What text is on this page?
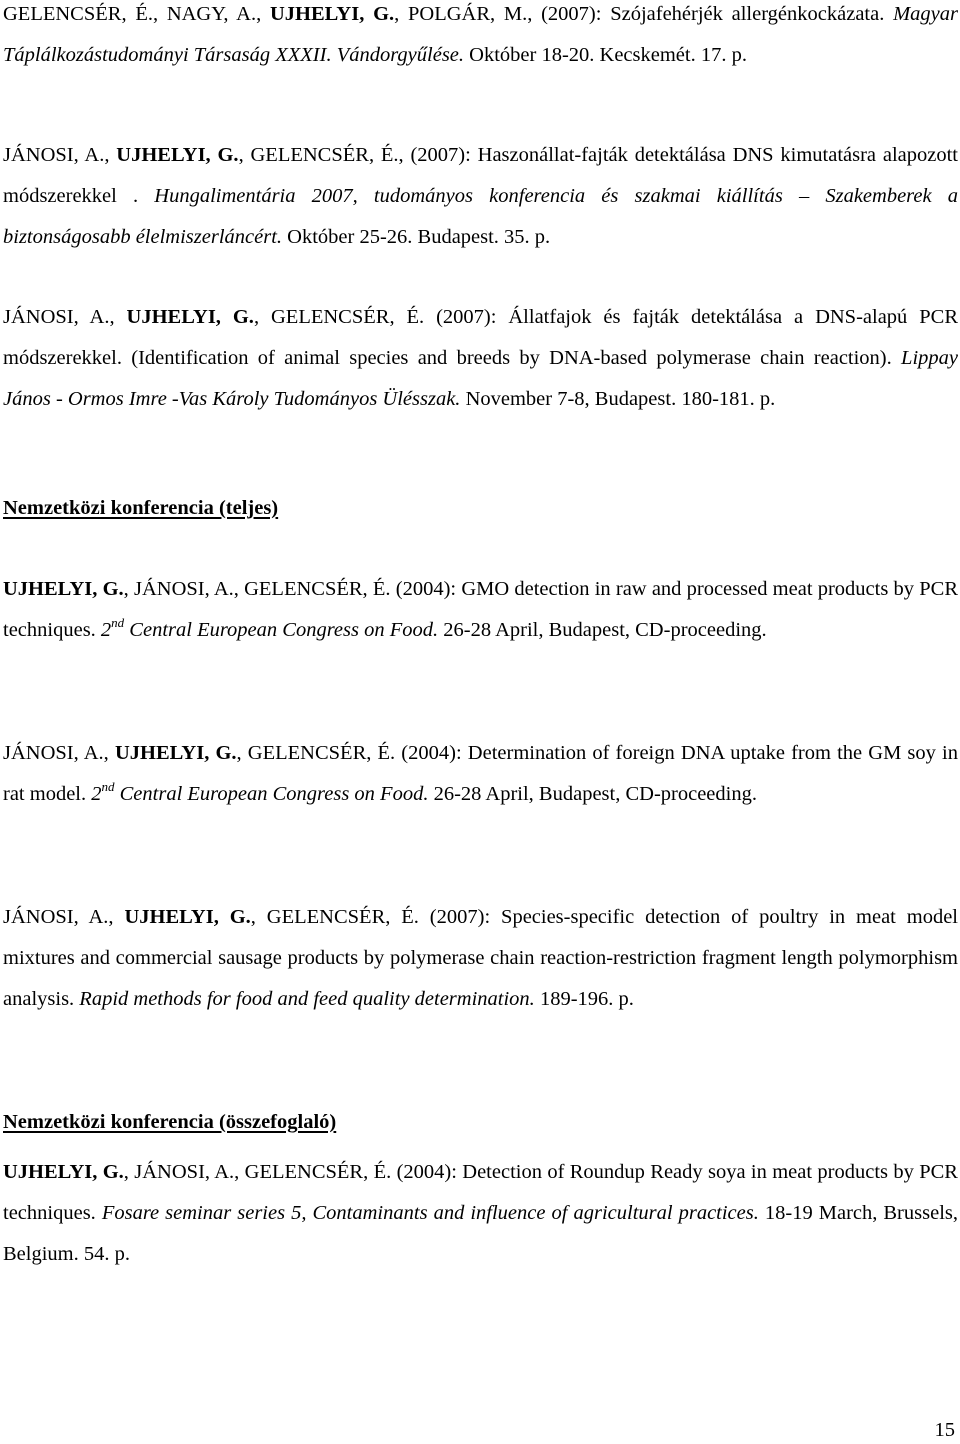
GELENCSÉR, É., NAGY, A., UJHELYI, G., POLGÁR, M., (2007): Szójafehérjék allergénkockázata. Magyar Táplálkozástudományi Társaság XXXII. Vándorgyűlése. Október 18-20. Kecskemét. 17. p.

JÁNOSI, A., UJHELYI, G., GELENCSÉR, É., (2007): Haszonállat-fajták detektálása DNS kimutatásra alapozott módszerekkel . Hungalimentária 2007, tudományos konferencia és szakmai kiállítás – Szakemberek a biztonságosabb élelmiszerláncért. Október 25-26. Budapest. 35. p.

JÁNOSI, A., UJHELYI, G., GELENCSÉR, É. (2007): Állatfajok és fajták detektálása a DNS-alapú PCR módszerekkel. (Identification of animal species and breeds by DNA-based polymerase chain reaction). Lippay János - Ormos Imre -Vas Károly Tudományos Ülésszak. November 7-8, Budapest. 180-181. p.

Nemzetközi konferencia (teljes)

UJHELYI, G., JÁNOSI, A., GELENCSÉR, É. (2004): GMO detection in raw and processed meat products by PCR techniques. 2nd Central European Congress on Food. 26-28 April, Budapest, CD-proceeding.

JÁNOSI, A., UJHELYI, G., GELENCSÉR, É. (2004): Determination of foreign DNA uptake from the GM soy in rat model. 2nd Central European Congress on Food. 26-28 April, Budapest, CD-proceeding.

JÁNOSI, A., UJHELYI, G., GELENCSÉR, É. (2007): Species-specific detection of poultry in meat model mixtures and commercial sausage products by polymerase chain reaction-restriction fragment length polymorphism analysis. Rapid methods for food and feed quality determination. 189-196. p.

Nemzetközi konferencia (összefoglaló)

UJHELYI, G., JÁNOSI, A., GELENCSÉR, É. (2004): Detection of Roundup Ready soya in meat products by PCR techniques. Fosare seminar series 5, Contaminants and influence of agricultural practices. 18-19 March, Brussels, Belgium. 54. p.

15
